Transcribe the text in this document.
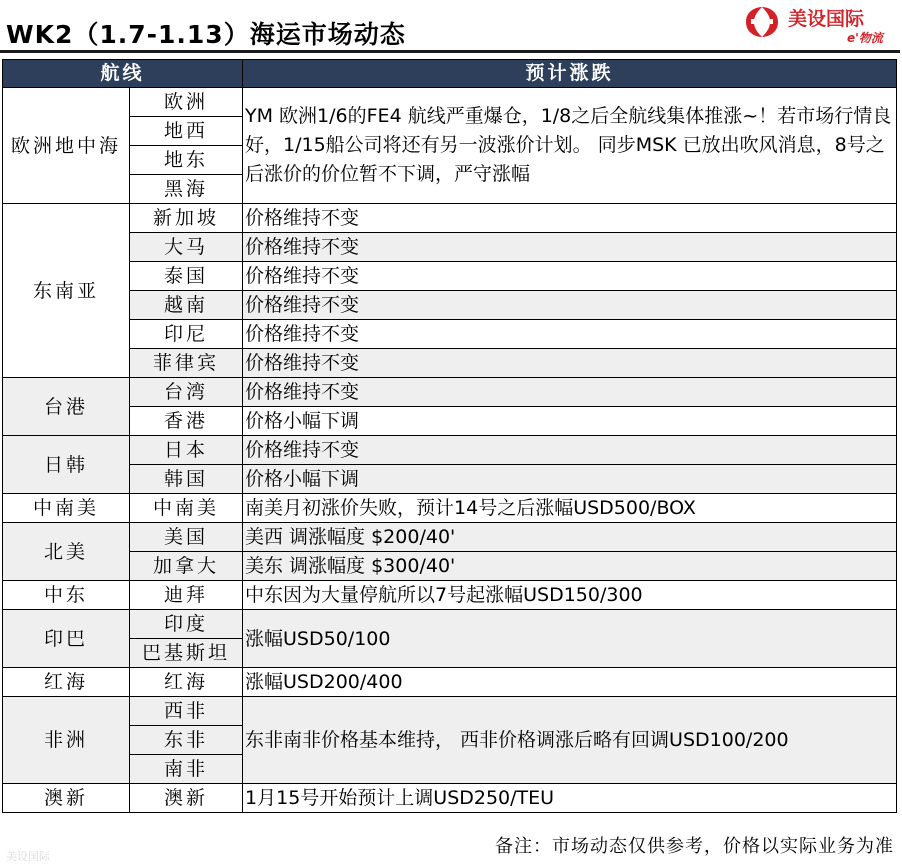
WK2（1.7-1.13）海运市场动态
美设国际
e'物流
航线		预计涨跌
欧洲地中海	欧洲	YM 欧洲1/6的FE4 航线严重爆仓，1/8之后全航线集体推涨~！若市场行情良好，1/15船公司将还有另一波涨价计划。 同步MSK 已放出吹风消息，8号之后涨价的价位暂不下调，严守涨幅
	地西	
	地东	
	黑海	
东南亚	新加坡	价格维持不变
	大马	价格维持不变
	泰国	价格维持不变
	越南	价格维持不变
	印尼	价格维持不变
	菲律宾	价格维持不变
台港	台湾	价格维持不变
	香港	价格小幅下调
日韩	日本	价格维持不变
	韩国	价格小幅下调
中南美	中南美	南美月初涨价失败，预计14号之后涨幅USD500/BOX
北美	美国	美西 调涨幅度 $200/40'
	加拿大	美东 调涨幅度 $300/40'
中东	迪拜	中东因为大量停航所以7号起涨幅USD150/300
印巴	印度	涨幅USD50/100
	巴基斯坦	
红海	红海	涨幅USD200/400
非洲	西非	东非南非价格基本维持， 西非价格调涨后略有回调USD100/200
	东非	
	南非	
澳新	澳新	1月15号开始预计上调USD250/TEU
备注：市场动态仅供参考，价格以实际业务为准
美设国际
